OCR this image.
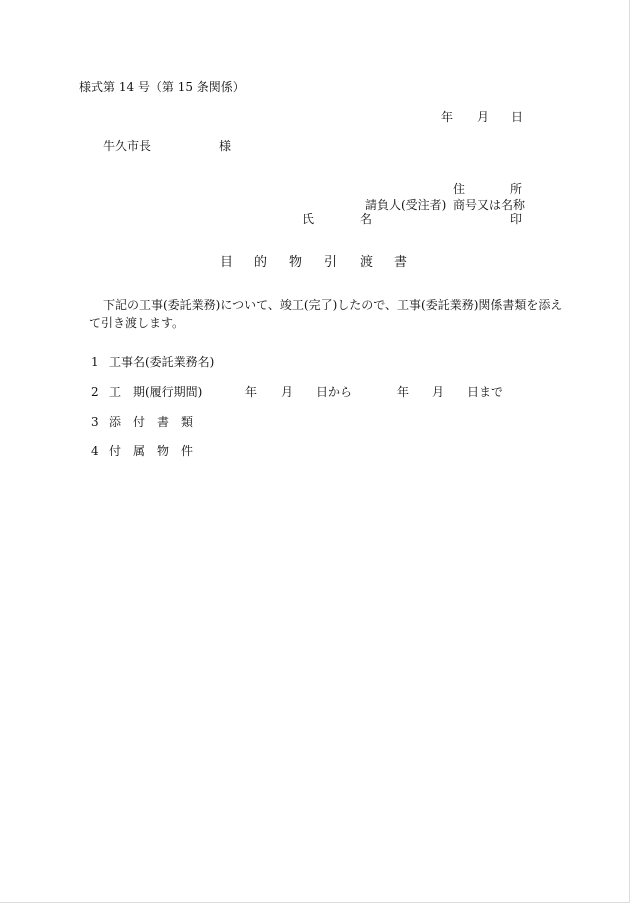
様式第 14 号（第 15 条関係）
年 月 日
牛久市長	様
住	所
請負人(受注者) 商号又は名称
氏	名	印
目 的 物 引 渡 書
下記の工事(委託業務)について、竣工(完了)したので、工事(委託業務)関係書類を添えて引き渡します。
1 工事名(委託業務名)
2 工　期(履行期間)	年 月 日から	年 月 日まで
3 添　付　書　類
4 付　属　物　件
